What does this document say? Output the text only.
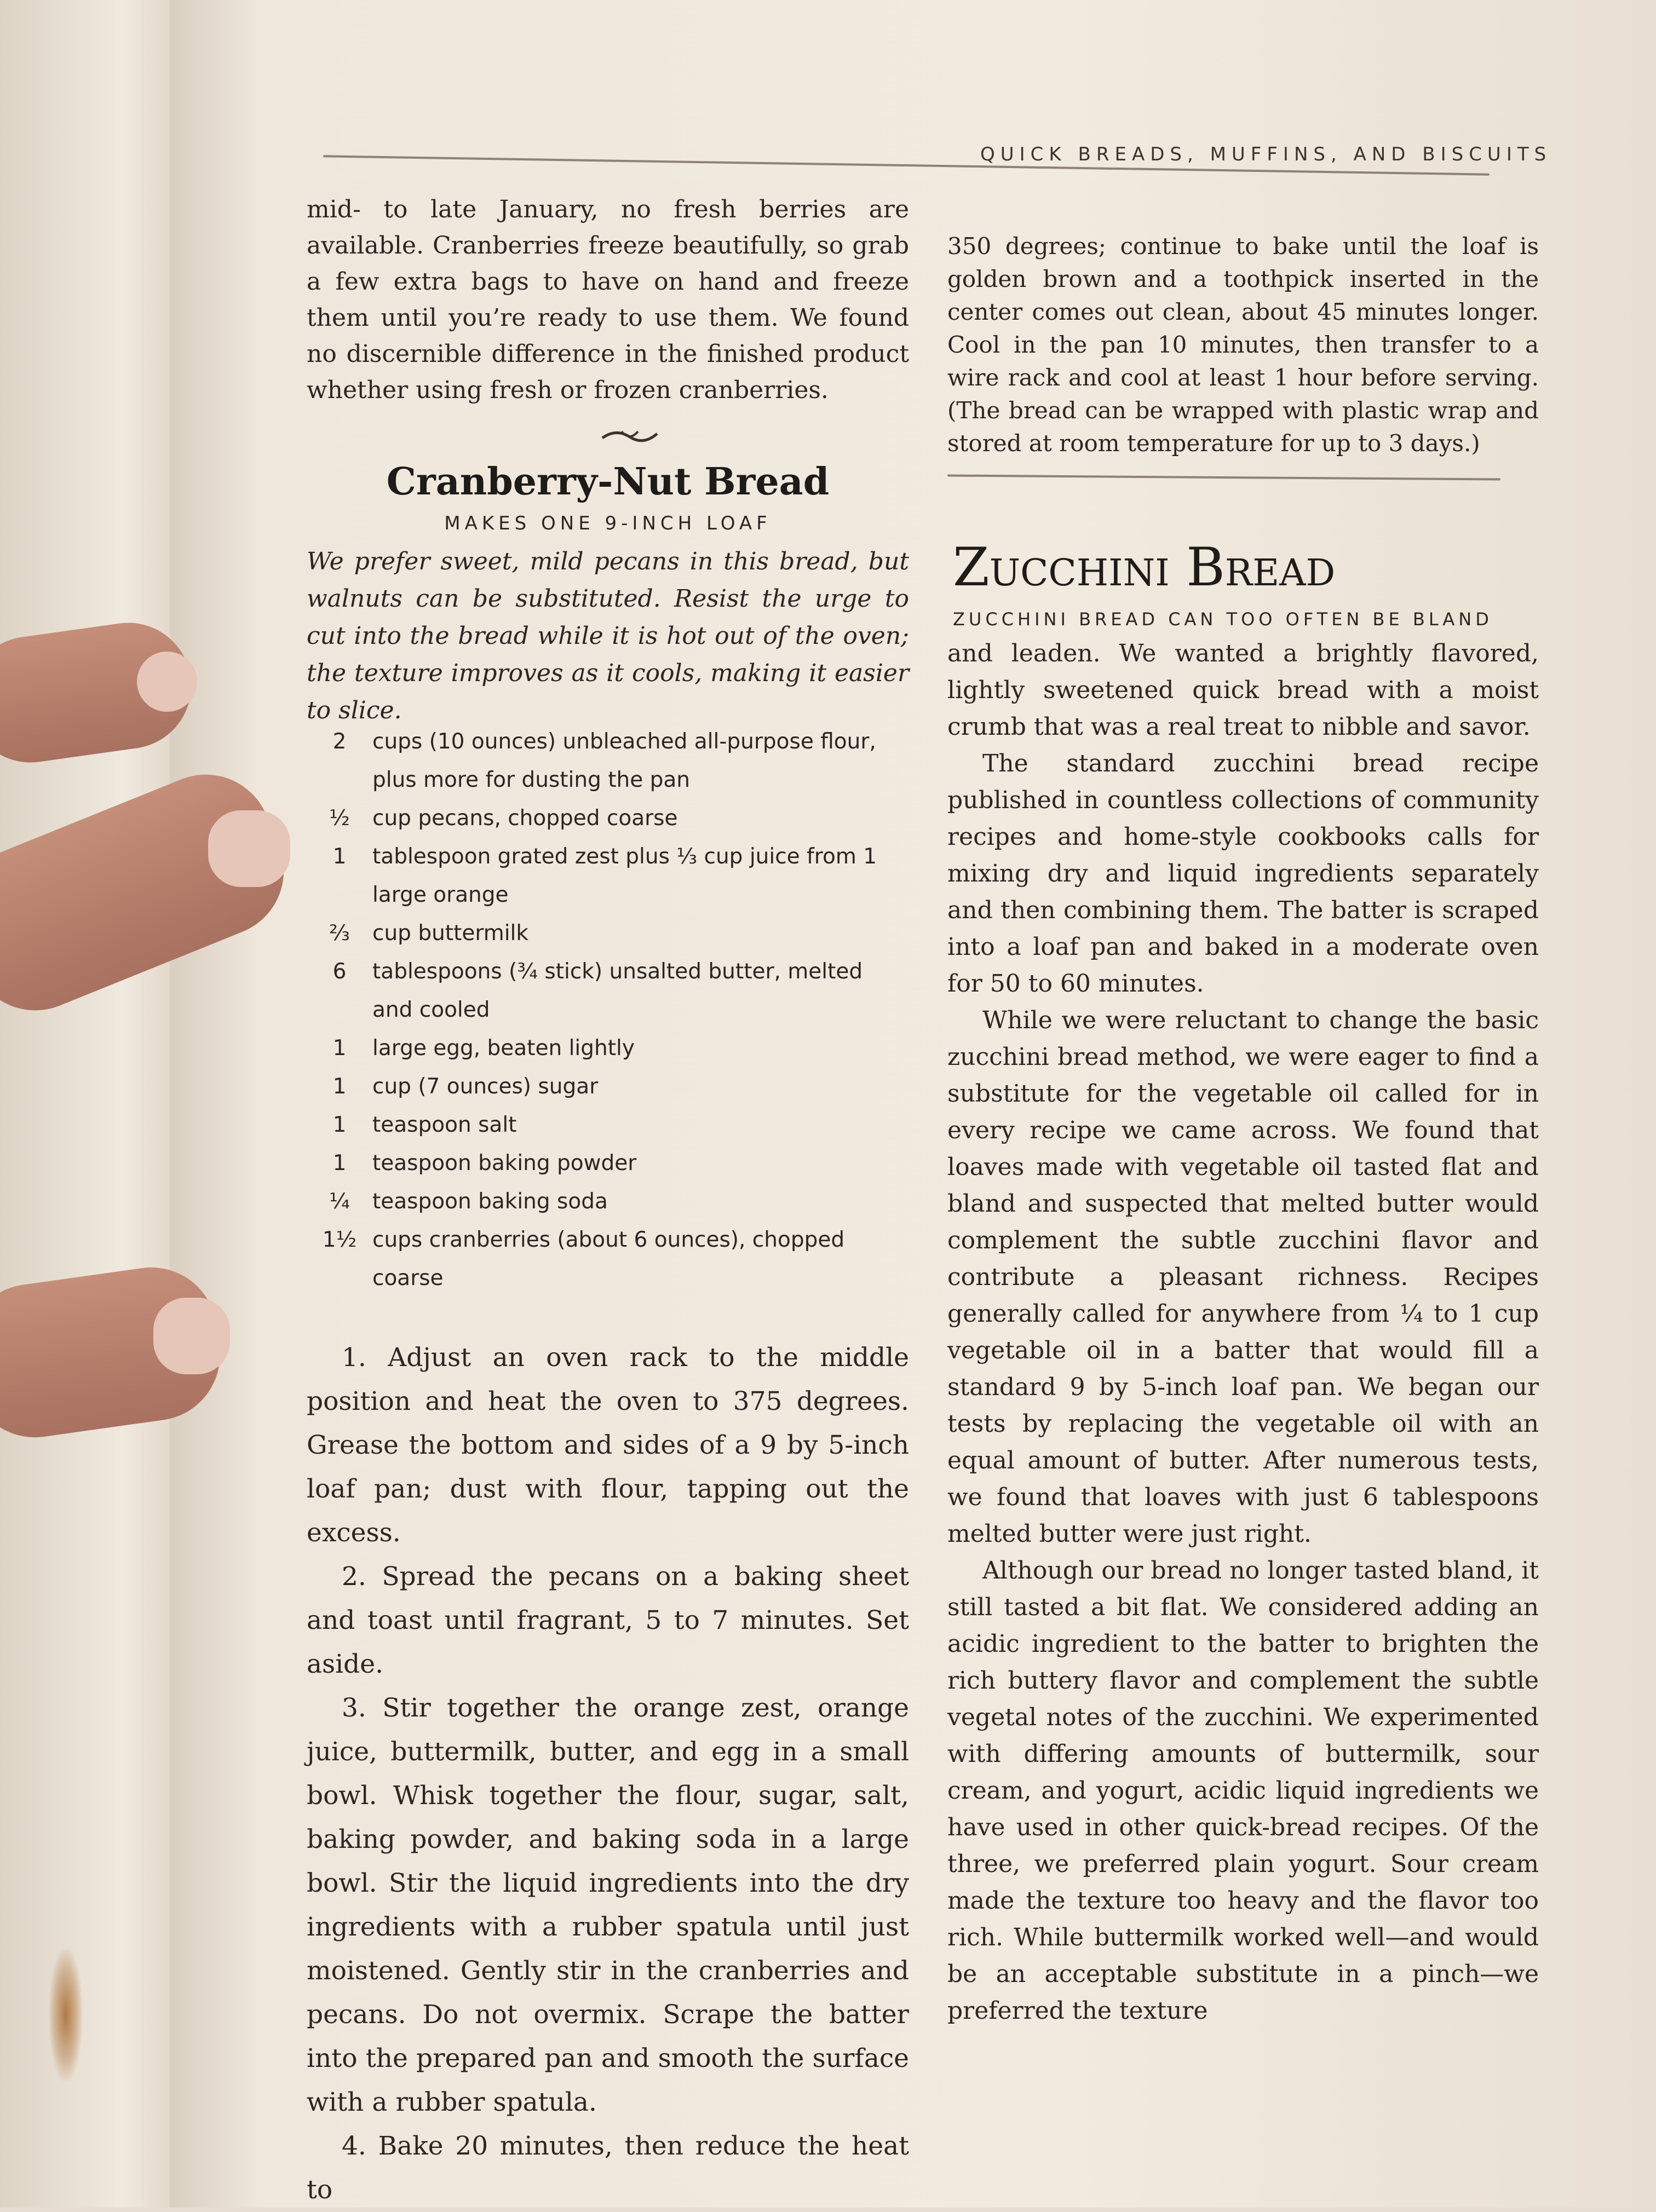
QUICK BREADS, MUFFINS, AND BISCUITS

mid- to late January, no fresh berries are available. Cranberries freeze beautifully, so grab a few extra bags to have on hand and freeze them until you’re ready to use them. We found no discernible difference in the finished product whether using fresh or frozen cranberries.

Cranberry-Nut Bread
MAKES ONE 9-INCH LOAF
We prefer sweet, mild pecans in this bread, but walnuts can be substituted. Resist the urge to cut into the bread while it is hot out of the oven; the texture improves as it cools, making it easier to slice.
2	cups (10 ounces) unbleached all-purpose flour, plus more for dusting the pan
½	cup pecans, chopped coarse
1	tablespoon grated zest plus ⅓ cup juice from 1 large orange
⅔	cup buttermilk
6	tablespoons (¾ stick) unsalted butter, melted and cooled
1	large egg, beaten lightly
1	cup (7 ounces) sugar
1	teaspoon salt
1	teaspoon baking powder
¼	teaspoon baking soda
1½ cups cranberries (about 6 ounces), chopped coarse

1. Adjust an oven rack to the middle position and heat the oven to 375 degrees. Grease the bottom and sides of a 9 by 5-inch loaf pan; dust with flour, tapping out the excess.

2. Spread the pecans on a baking sheet and toast until fragrant, 5 to 7 minutes. Set aside.

3. Stir together the orange zest, orange juice, buttermilk, butter, and egg in a small bowl. Whisk together the flour, sugar, salt, baking powder, and baking soda in a large bowl. Stir the liquid ingredients into the dry ingredients with a rubber spatula until just moistened. Gently stir in the cranberries and pecans. Do not overmix. Scrape the batter into the prepared pan and smooth the surface with a rubber spatula.

4. Bake 20 minutes, then reduce the heat to

350 degrees; continue to bake until the loaf is golden brown and a toothpick inserted in the center comes out clean, about 45 minutes longer. Cool in the pan 10 minutes, then transfer to a wire rack and cool at least 1 hour before serving. (The bread can be wrapped with plastic wrap and stored at room temperature for up to 3 days.)

Zucchini Bread
ZUCCHINI BREAD CAN TOO OFTEN BE BLAND

and leaden. We wanted a brightly flavored, lightly sweetened quick bread with a moist crumb that was a real treat to nibble and savor.

The standard zucchini bread recipe published in countless collections of community recipes and home-style cookbooks calls for mixing dry and liquid ingredients separately and then combining them. The batter is scraped into a loaf pan and baked in a moderate oven for 50 to 60 minutes.

While we were reluctant to change the basic zucchini bread method, we were eager to find a substitute for the vegetable oil called for in every recipe we came across. We found that loaves made with vegetable oil tasted flat and bland and suspected that melted butter would complement the subtle zucchini flavor and contribute a pleasant richness. Recipes generally called for anywhere from ¼ to 1 cup vegetable oil in a batter that would fill a standard 9 by 5-inch loaf pan. We began our tests by replacing the vegetable oil with an equal amount of butter. After numerous tests, we found that loaves with just 6 tablespoons melted butter were just right.

Although our bread no longer tasted bland, it still tasted a bit flat. We considered adding an acidic ingredient to the batter to brighten the rich buttery flavor and complement the subtle vegetal notes of the zucchini. We experimented with differing amounts of buttermilk, sour cream, and yogurt, acidic liquid ingredients we have used in other quick-bread recipes. Of the three, we preferred plain yogurt. Sour cream made the texture too heavy and the flavor too rich. While buttermilk worked well—and would be an acceptable substitute in a pinch—we preferred the texture
